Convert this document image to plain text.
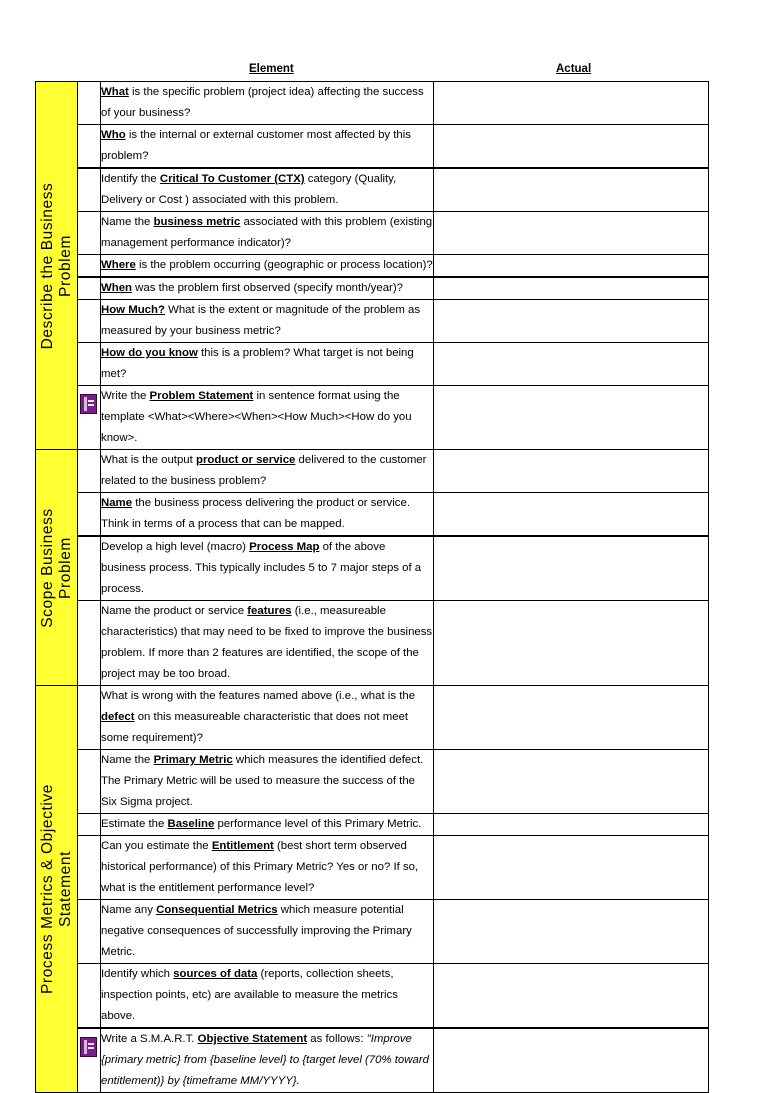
Element	Actual
Describe the Business
Problem		What is the specific problem (project idea) affecting the success of your business?	
		Who is the internal or external customer most affected by this problem?	
		Identify the Critical To Customer (CTX) category (Quality, Delivery or Cost ) associated with this problem.	
		Name the business metric associated with this problem (existing management performance indicator)?	
		Where is the problem occurring (geographic or process location)?	
		When was the problem first observed (specify month/year)?	
		How Much? What is the extent or magnitude of the problem as measured by your business metric?	
		How do you know this is a problem? What target is not being met?	

		Write the Problem Statement in sentence format using the template <What><Where><When><How Much><How do you know>.	

Scope Business
Problem		What is the output product or service delivered to the customer related to the business problem?	
		Name the business process delivering the product or service. Think in terms of a process that can be mapped.	
		Develop a high level (macro) Process Map of the above business process. This typically includes 5 to 7 major steps of a process.	
		Name the product or service features (i.e., measureable characteristics) that may need to be fixed to improve the business problem. If more than 2 features are identified, the scope of the project may be too broad.	

Process Metrics & Objective
Statement		What is wrong with the features named above (i.e., what is the defect on this measureable characteristic that does not meet some requirement)?	
		Name the Primary Metric which measures the identified defect. The Primary Metric will be used to measure the success of the Six Sigma project.	
		Estimate the Baseline performance level of this Primary Metric.	
		Can you estimate the Entitlement (best short term observed historical performance) of this Primary Metric? Yes or no? If so, what is the entitlement performance level?	
		Name any Consequential Metrics which measure potential negative consequences of successfully improving the Primary Metric.	
		Identify which sources of data (reports, collection sheets, inspection points, etc) are available to measure the metrics above.	

		Write a S.M.A.R.T. Objective Statement as follows: "Improve {primary metric} from {baseline level} to {target level (70% toward entitlement)} by {timeframe MM/YYYY}.	
